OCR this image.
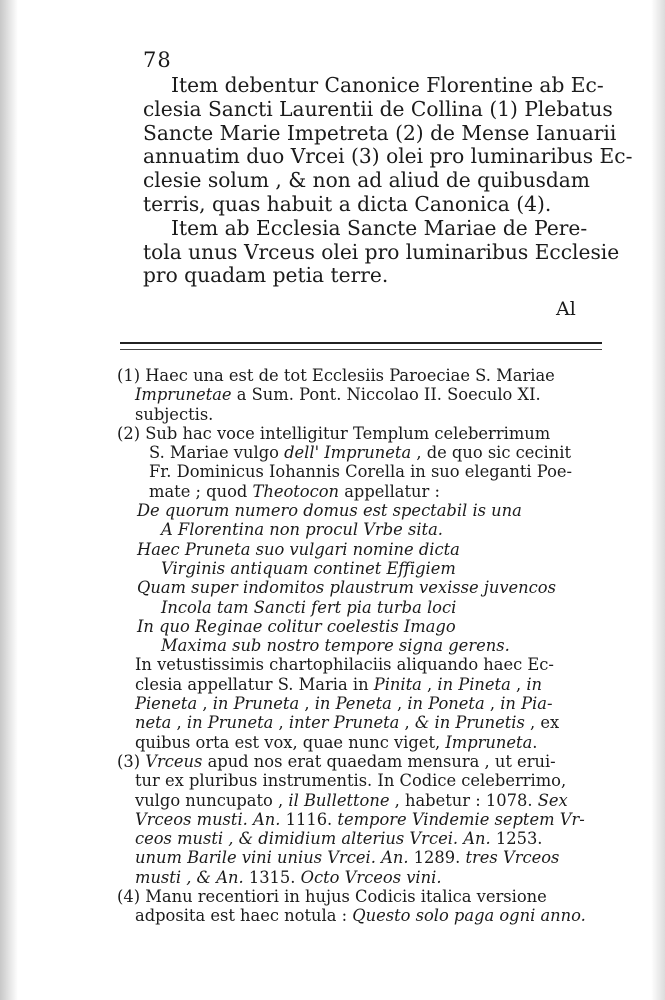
78
Item debentur Canonice Florentine ab Ec-
clesia Sancti Laurentii de Collina (1) Plebatus
Sancte Marie Impetreta (2) de Mense Ianuarii
annuatim duo Vrcei (3) olei pro luminaribus Ec-
clesie solum , & non ad aliud de quibusdam
terris, quas habuit a dicta Canonica (4).
Item ab Ecclesia Sancte Mariae de Pere-
tola unus Vrceus olei pro luminaribus Ecclesie
pro quadam petia terre.
Al
(1) Haec una est de tot Ecclesiis Paroeciae S. Mariae
Imprunetae a Sum. Pont. Niccolao II. Soeculo XI.
subjectis.
(2) Sub hac voce intelligitur Templum celeberrimum
S. Mariae vulgo dell' Impruneta , de quo sic cecinit
Fr. Dominicus Iohannis Corella in suo eleganti Poe-
mate ; quod Theotocon appellatur :
De quorum numero domus est spectabil is una
A Florentina non procul Vrbe sita.
Haec Pruneta suo vulgari nomine dicta
Virginis antiquam continet Effigiem
Quam super indomitos plaustrum vexisse juvencos
Incola tam Sancti fert pia turba loci
In quo Reginae colitur coelestis Imago
Maxima sub nostro tempore signa gerens.
In vetustissimis chartophilaciis aliquando haec Ec-
clesia appellatur S. Maria in Pinita , in Pineta , in
Pieneta , in Pruneta , in Peneta , in Poneta , in Pia-
neta , in Pruneta , inter Pruneta , & in Prunetis , ex
quibus orta est vox, quae nunc viget, Impruneta.
(3) Vrceus apud nos erat quaedam mensura , ut erui-
tur ex pluribus instrumentis. In Codice celeberrimo,
vulgo nuncupato , il Bullettone , habetur : 1078. Sex
Vrceos musti. An. 1116. tempore Vindemie septem Vr-
ceos musti , & dimidium alterius Vrcei. An. 1253.
unum Barile vini unius Vrcei. An. 1289. tres Vrceos
musti , & An. 1315. Octo Vrceos vini.
(4) Manu recentiori in hujus Codicis italica versione
adposita est haec notula : Questo solo paga ogni anno.
